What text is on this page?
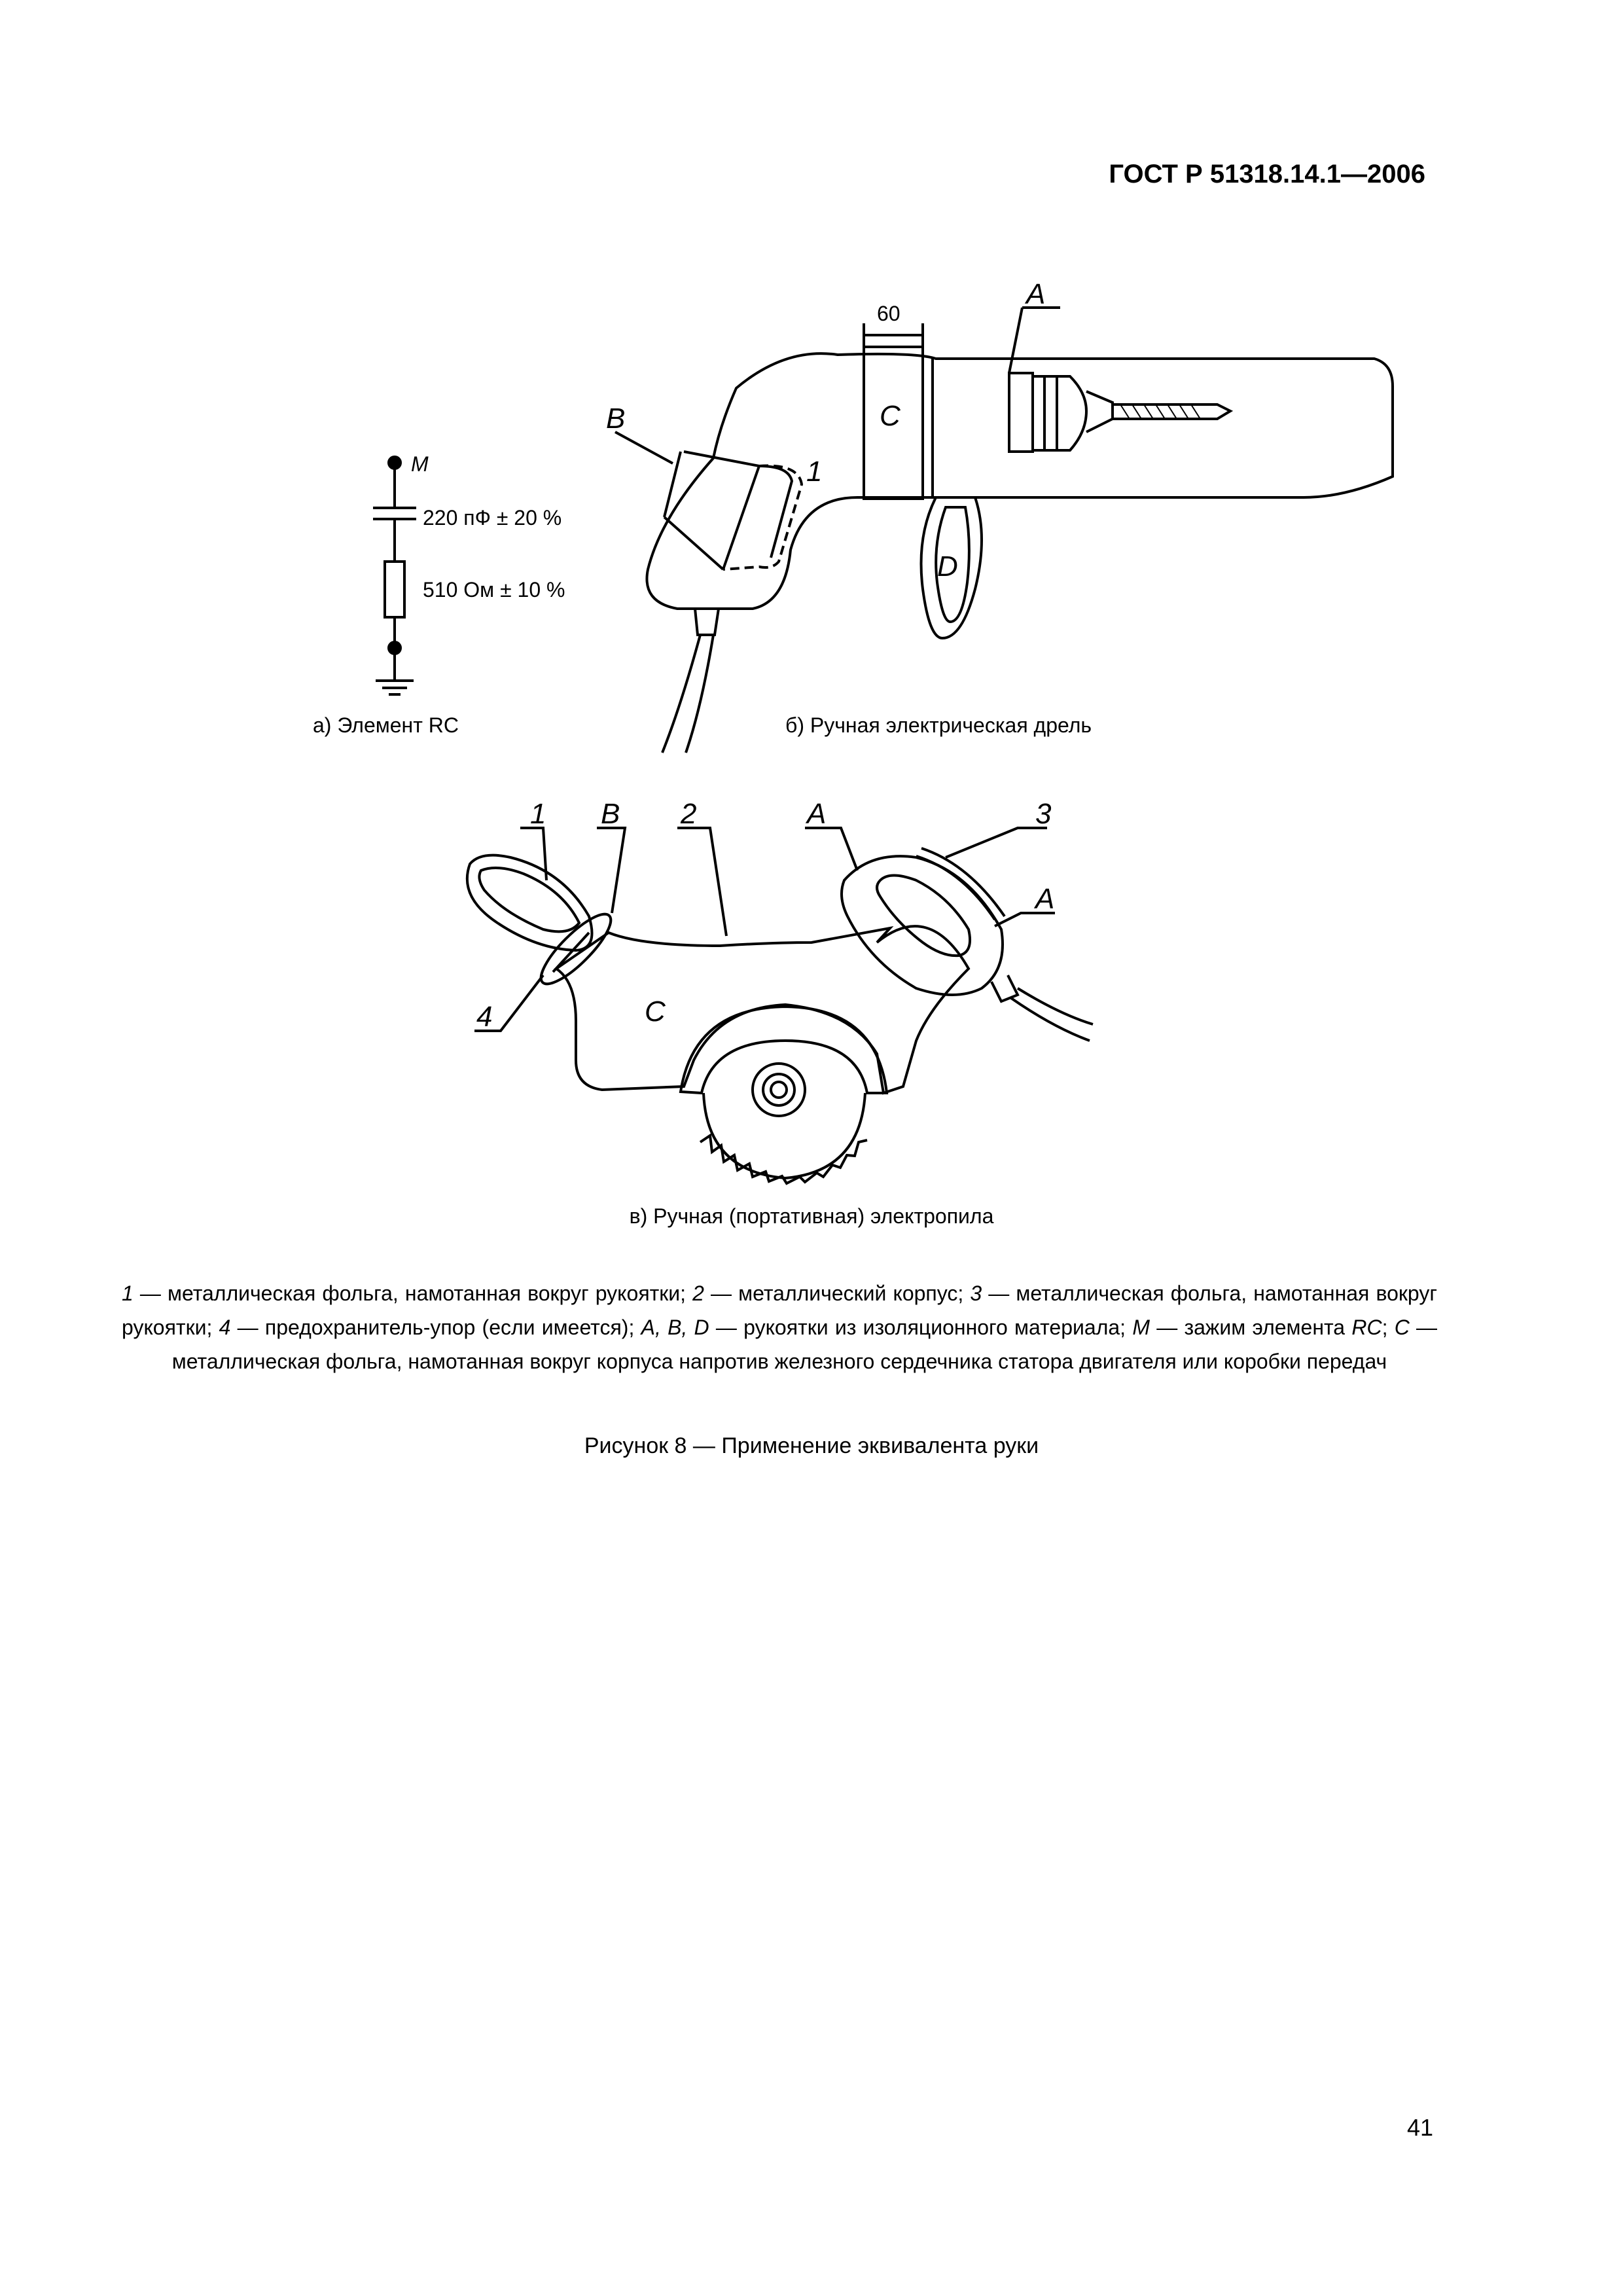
ГОСТ Р 51318.14.1—2006
M
220 пФ ± 20 %
510 Ом ± 10 %
60
A
B	C
D
1
1 B 2	A	3
A
4	C
а) Элемент RC	б) Ручная электрическая дрель
в) Ручная (портативная) электропила
1 — металлическая фольга, намотанная вокруг рукоятки; 2 — металлический корпус; 3 — металлическая фольга, намотанная вокруг рукоятки; 4 — предохранитель-упор (если имеется); A, B, D — рукоятки из изоляционного материала; M — зажим элемента RC; C — металлическая фольга, намотанная вокруг корпуса напротив железного сердечника статора двигателя или коробки передач
Рисунок 8 — Применение эквивалента руки
41
